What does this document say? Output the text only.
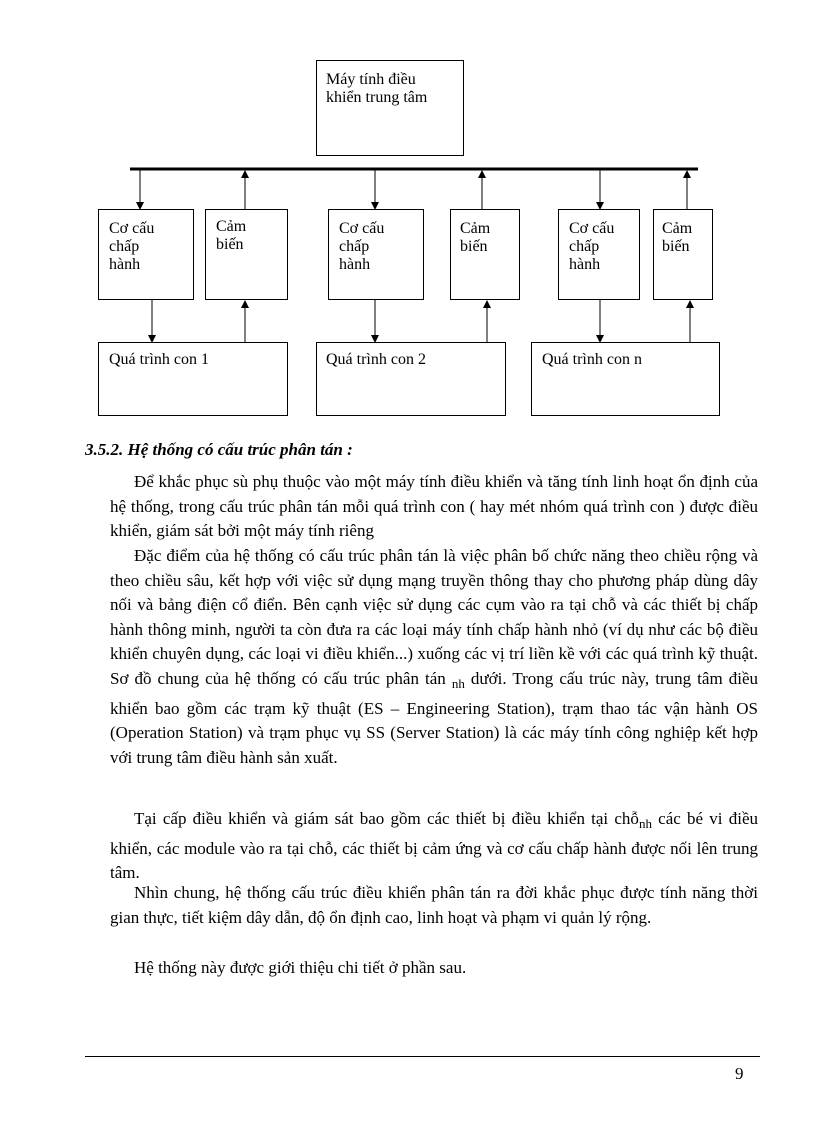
Máy tính điều
khiển trung tâm
Cơ cấu
chấp
hành
Cảm
biến
Quá trình con 1
Cơ cấu
chấp
hành
Cảm
biến
Quá trình con 2
Cơ cấu
chấp
hành
Cảm
biến
Quá trình con n
3.5.2. Hệ thống có cấu trúc phân tán :

Để khắc phục sù phụ thuộc vào một máy tính điều khiển và tăng tính linh hoạt ổn định của hệ thống, trong cấu trúc phân tán mỗi quá trình con ( hay mét nhóm quá trình con ) được điều khiển, giám sát bởi một máy tính riêng

Đặc điểm của hệ thống có cấu trúc phân tán là việc phân bố chức năng theo chiều rộng và theo chiều sâu, kết hợp với việc sử dụng mạng truyền thông thay cho phương pháp dùng dây nối và bảng điện cổ điển. Bên cạnh việc sử dụng các cụm vào ra tại chỗ và các thiết bị chấp hành thông minh, người ta còn đưa ra các loại máy tính chấp hành nhỏ (ví dụ như các bộ điều khiển chuyên dụng, các loại vi điều khiển...) xuống các vị trí liền kề với các quá trình kỹ thuật. Sơ đồ chung của hệ thống có cấu trúc phân tán $_{nh}$ dưới. Trong cấu trúc này, trung tâm điều khiển bao gồm các trạm kỹ thuật (ES – Engineering Station), trạm thao tác vận hành OS (Operation Station) và trạm phục vụ SS (Server Station) là các máy tính công nghiệp kết hợp với trung tâm điều hành sản xuất.

Tại cấp điều khiển và giám sát bao gồm các thiết bị điều khiển tại chỗ$_{nh}$ các bé vi điều khiển, các module vào ra tại chỗ, các thiết bị cảm ứng và cơ cấu chấp hành được nối lên trung tâm.

Nhìn chung, hệ thống cấu trúc điều khiển phân tán ra đời khắc phục được tính năng thời gian thực, tiết kiệm dây dẫn, độ ổn định cao, linh hoạt và phạm vi quản lý rộng.

Hệ thống này được giới thiệu chi tiết ở phần sau.

9
